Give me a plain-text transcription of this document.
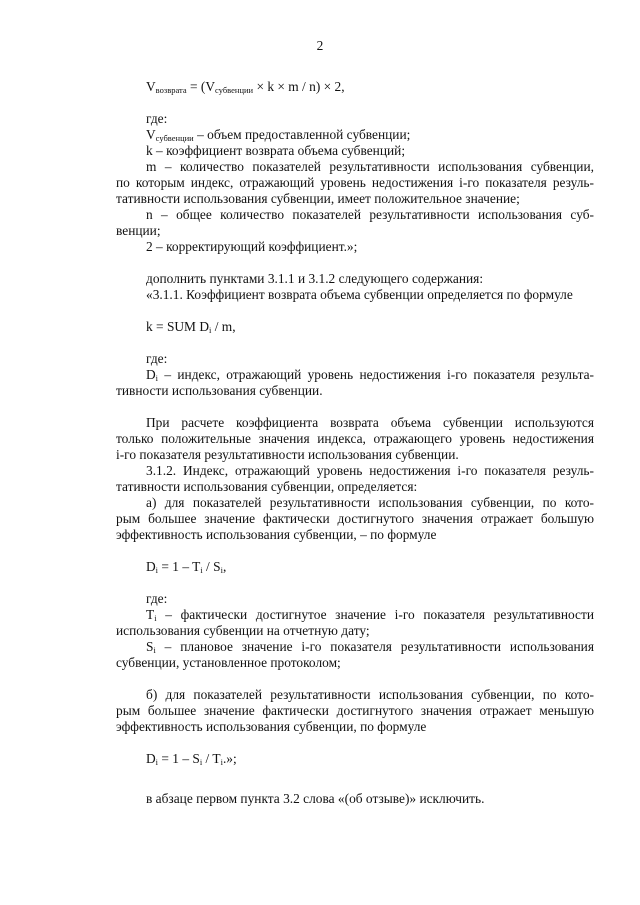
2
$V_{возврата} = (V_{субвенции} \times k \times m / n) \times 2$,
где:
$V_{субвенции}$ – объем предоставленной субвенции;
k – коэффициент возврата объема субвенций;
m – количество показателей результативности использования субвенции,
по которым индекс, отражающий уровень недостижения i-го показателя резуль-
тативности использования субвенции, имеет положительное значение;
n – общее количество показателей результативности использования суб-
венции;
2 – корректирующий коэффициент.»;
дополнить пунктами 3.1.1 и 3.1.2 следующего содержания:
«3.1.1. Коэффициент возврата объема субвенции определяется по формуле
k = SUM $D_i$ / m,
где:
$D_i$ – индекс, отражающий уровень недостижения i-го показателя результа-
тивности использования субвенции.
При расчете коэффициента возврата объема субвенции используются
только положительные значения индекса, отражающего уровень недостижения
i-го показателя результативности использования субвенции.
3.1.2. Индекс, отражающий уровень недостижения i-го показателя резуль-
тативности использования субвенции, определяется:
а) для показателей результативности использования субвенции, по кото-
рым большее значение фактически достигнутого значения отражает большую
эффективность использования субвенции, – по формуле
$D_i = 1 - T_i / S_i$,
где:
$T_i$ – фактически достигнутое значение i-го показателя результативности
использования субвенции на отчетную дату;
$S_i$ – плановое значение i-го показателя результативности использования
субвенции, установленное протоколом;
б) для показателей результативности использования субвенции, по кото-
рым большее значение фактически достигнутого значения отражает меньшую
эффективность использования субвенции, по формуле
$D_i = 1 - S_i / T_i$.»;
в абзаце первом пункта 3.2 слова «(об отзыве)» исключить.
